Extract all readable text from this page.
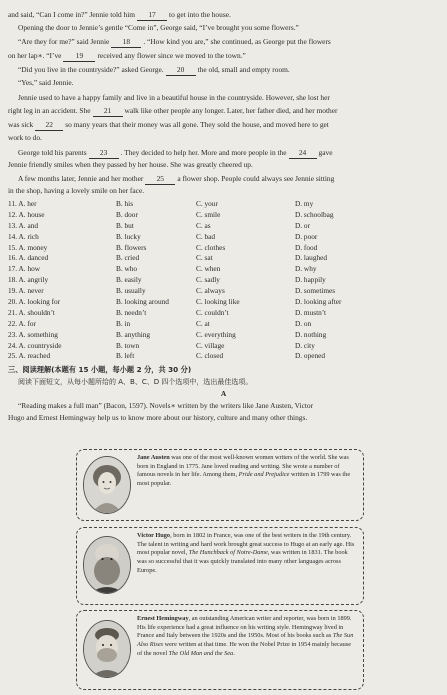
and said, “Can I come in?” Jennie told him 17 to get into the house.
Opening the door to Jennie’s gentle “Come in”, George said, “I’ve brought you some flowers.”
“Are they for me?” said Jennie 18 . “How kind you are,” she continued, as George put the flowers
on her lap∗. “I’ve 19 received any flower since we moved to the town.”
“Did you live in the countryside?” asked George. 20 the old, small and empty room.
“Yes,” said Jennie.
Jennie used to have a happy family and live in a beautiful house in the countryside. However, she lost her
right leg in an accident. She 21 walk like other people any longer. Later, her father died, and her mother
was sick 22 so many years that their money was all gone. They sold the house, and moved here to get
work to do.
George told his parents 23 . They decided to help her. More and more people in the 24 gave
Jennie friendly smiles when they passed by her house. She was greatly cheered up.
A few months later, Jennie and her mother 25 a flower shop. People could always see Jennie sitting
in the shop, having a lovely smile on her face.
11. A. her	B. his	C. your	D. my
12. A. house	B. door	C. smile	D. schoolbag
13. A. and	B. but	C. as	D. or
14. A. rich	B. lucky	C. bad	D. poor
15. A. money	B. flowers	C. clothes	D. food
16. A. danced	B. cried	C. sat	D. laughed
17. A. how	B. who	C. when	D. why
18. A. angrily	B. easily	C. sadly	D. happily
19. A. never	B. usually	C. always	D. sometimes
20. A. looking for	B. looking around	C. looking like	D. looking after
21. A. shouldn’t	B. needn’t	C. couldn’t	D. mustn’t
22. A. for	B. in	C. at	D. on
23. A. something	B. anything	C. everything	D. nothing
24. A. countryside	B. town	C. village	D. city
25. A. reached	B. left	C. closed	D. opened
三、阅读理解(本题有 15 小题，每小题 2 分，共 30 分)
阅读下面短文，从每小题所给的 A、B、C、D 四个选项中，选出最佳选项。
A
“Reading makes a full man” (Bacon, 1597). Novels∗ written by the writers like Jane Austen, Victor
Hugo and Ernest Hemingway help us to know more about our history, culture and many other things.
Jane Austen was one of the most well-known women writers of the world. She was born in England in 1775. Jane loved reading and writing. She wrote a number of famous novels in her life. Among them, Pride and Prejudice written in 1799 was the most popular.
Victor Hugo, born in 1802 in France, was one of the best writers in the 19th century. The talent in writing and hard work brought great success to Hugo at an early age. His most popular novel, The Hunchback of Notre-Dame, was written in 1831. The book was so successful that it was quickly translated into many other languages across Europe.
Ernest Hemingway, an outstanding American writer and reporter, was born in 1899. His life experience had a great influence on his writing style. Hemingway lived in France and Italy between the 1920s and the 1950s. Most of his books such as The Sun Also Rises were written at that time. He won the Nobel Prize in 1954 mainly because of the novel The Old Man and the Sea.
